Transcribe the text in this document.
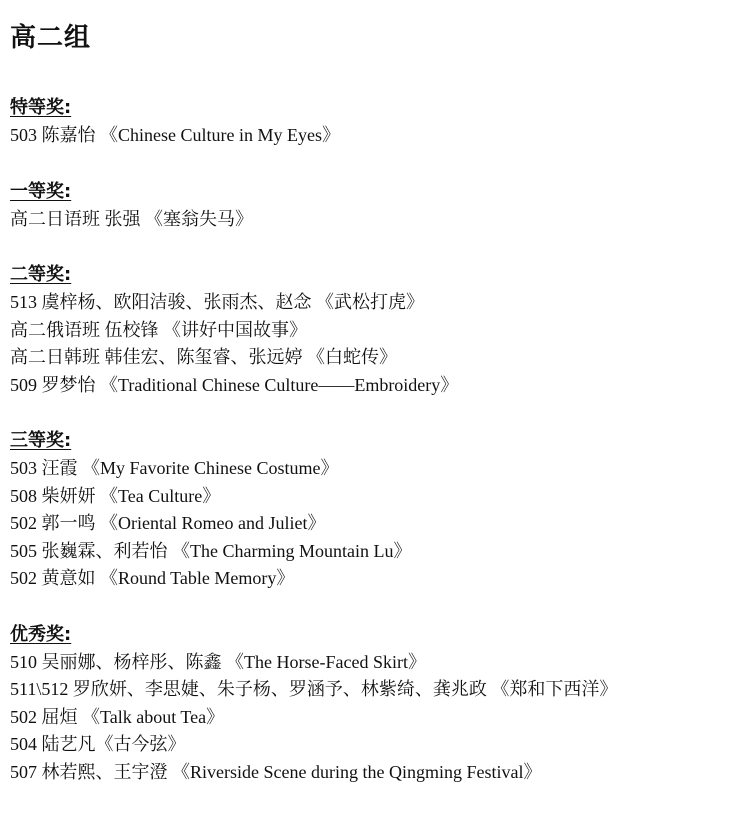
高二组
特等奖:
503 陈嘉怡 《Chinese Culture in My Eyes》
一等奖:
高二日语班 张强 《塞翁失马》
二等奖:
513 虞梓杨、欧阳洁骏、张雨杰、赵念 《武松打虎》
高二俄语班 伍校锋 《讲好中国故事》
高二日韩班 韩佳宏、陈玺睿、张远婷 《白蛇传》
509 罗梦怡 《Traditional Chinese Culture——Embroidery》
三等奖:
503 汪霞 《My Favorite Chinese Costume》
508 柴妍妍 《Tea Culture》
502 郭一鸣 《Oriental Romeo and Juliet》
505 张巍霖、利若怡 《The Charming Mountain Lu》
502 黄意如 《Round Table Memory》
优秀奖:
510 吴丽娜、杨梓彤、陈鑫 《The Horse-Faced Skirt》
511\512 罗欣妍、李思婕、朱子杨、罗涵予、林紫绮、龚兆政 《郑和下西洋》
502 屈烜 《Talk about Tea》
504 陆艺凡《古今弦》
507 林若熙、王宇澄 《Riverside Scene during the Qingming Festival》
